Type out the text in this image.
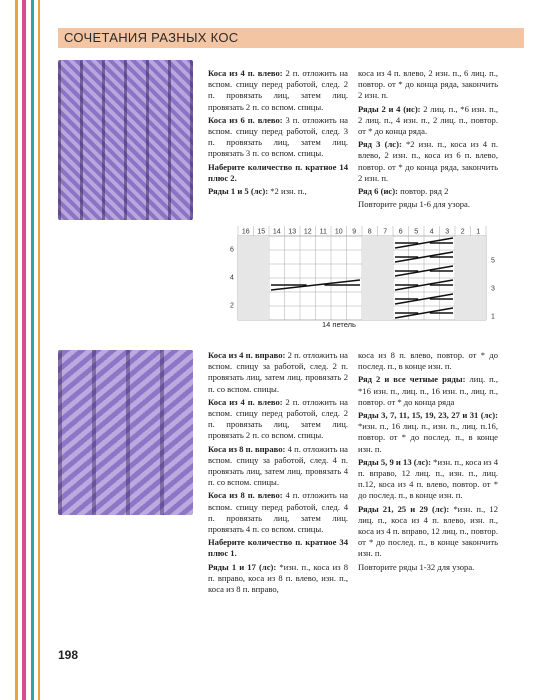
СОЧЕТАНИЯ РАЗНЫХ КОС

Коса из 4 п. влево: 2 п. отложить на вспом. спицу перед работой, след. 2 п. провязать лиц, затем лиц. провязать 2 п. со вспом. спицы.

Коса из 6 п. влево: 3 п. отложить на вспом. спицу перед работой, след. 3 п. провязать лиц, затем лиц. провязать 3 п. со вспом. спицы.

Наберите количество п. кратное 14 плюс 2.

Ряды 1 и 5 (лс): *2 изн. п.,

коса из 4 п. влево, 2 изн. п., 6 лиц. п., повтор. от * до конца ряда, закончить 2 изн. п.

Ряды 2 и 4 (ис): 2 лиц. п., *6 изн. п., 2 лиц. п., 4 изн. п., 2 лиц. п., повтор. от * до конца ряда.

Ряд 3 (лс): *2 изн. п., коса из 4 п. влево, 2 изн. п., коса из 6 п. влево, повтор. от * до конца ряда, закончить 2 изн. п.

Ряд 6 (ис): повтор. ряд 2

Повторите ряды 1-6 для узора.

16 15 14 13 12 11 10 9 8 7 6 5 4 3 2 1
6
4
2
5
3
1
14 петель

Коса из 4 п. вправо: 2 п. отложить на вспом. спицу за работой, след. 2 п. провязать лиц, затем лиц. провязать 2 п. со вспом. спицы.

Коса из 4 п. влево: 2 п. отложить на вспом. спицу перед работой, след. 2 п. провязать лиц, затем лиц. провязать 2 п. со вспом. спицы.

Коса из 8 п. вправо: 4 п. отложить на вспом. спицу за работой, след. 4 п. провязать лиц, затем лиц. провязать 4 п. со вспом. спицы.

Коса из 8 п. влево: 4 п. отложить на вспом. спицу перед работой, след. 4 п. провязать лиц, затем лиц. провязать 4 п. со вспом. спицы.

Наберите количество п. кратное 34 плюс 1.

Ряды 1 и 17 (лс): *изн. п., коса из 8 п. вправо, коса из 8 п. влево, изн. п., коса из 8 п. вправо,

коса из 8 п. влево, повтор. от * до послед. п., в конце изн. п.

Ряд 2 и все четные ряды: лиц. п., *16 изн. п., лиц. п., 16 изн. п., лиц. п., повтор. от * до конца ряда

Ряды 3, 7, 11, 15, 19, 23, 27 и 31 (лс): *изн. п., 16 лиц. п., изн. п., лиц. п.16, повтор. от * до послед. п., в конце изн. п.

Ряды 5, 9 и 13 (лс): *изн. п., коса из 4 п. вправо, 12 лиц. п., изн. п., лиц. п.12, коса из 4 п. влево, повтор. от * до послед. п., в конце изн. п.

Ряды 21, 25 и 29 (лс): *изн. п., 12 лиц. п., коса из 4 п. влево, изн. п., коса из 4 п. вправо, 12 лиц. п., повтор. от * до послед. п., в конце закончить изн. п.

Повторите ряды 1-32 для узора.

198
